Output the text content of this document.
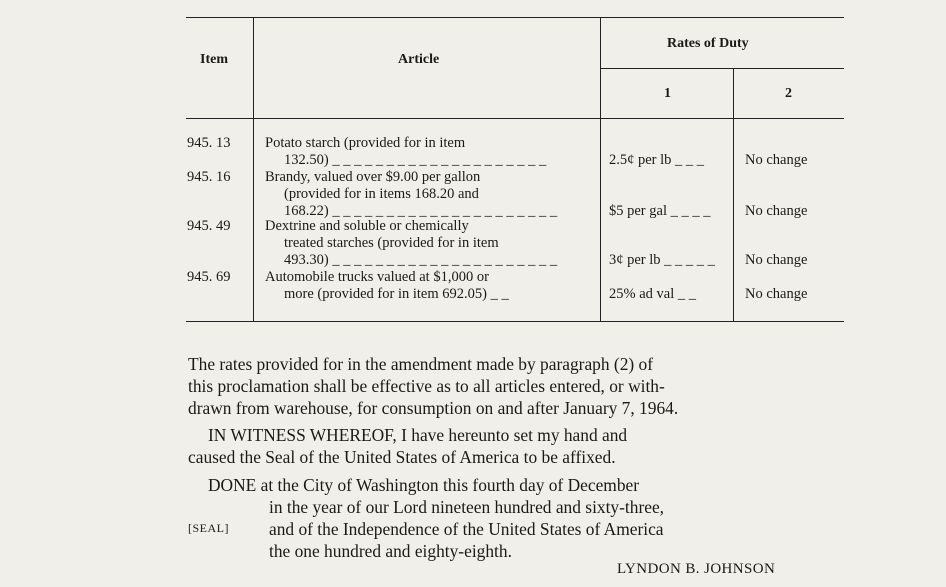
Item	Article
Rates of Duty
1	2
945. 13 Potato starch (provided for in item
132.50) _ _ _ _ _ _ _ _ _ _ _ _ _ _ _ _ _ _ _ _	2.5¢ per lb _ _ _	No change
945. 16 Brandy, valued over $9.00 per gallon
(provided for in items 168.20 and
168.22) _ _ _ _ _ _ _ _ _ _ _ _ _ _ _ _ _ _ _ _ _	$5 per gal _ _ _ _ No change
945. 49 Dextrine and soluble or chemically
treated starches (provided for in item
493.30) _ _ _ _ _ _ _ _ _ _ _ _ _ _ _ _ _ _ _ _ _	3¢ per lb _ _ _ _ _ No change
945. 69 Automobile trucks valued at $1,000 or
more (provided for in item 692.05) _ _	25% ad val _ _	No change
The rates provided for in the amendment made by paragraph (2) of
this proclamation shall be effective as to all articles entered, or with-
drawn from warehouse, for consumption on and after January 7, 1964.
IN WITNESS WHEREOF, I have hereunto set my hand and
caused the Seal of the United States of America to be affixed.
DONE at the City of Washington this fourth day of December
in the year of our Lord nineteen hundred and sixty-three,
and of the Independence of the United States of America
the one hundred and eighty-eighth.
[SEAL]
LYNDON B. JOHNSON
